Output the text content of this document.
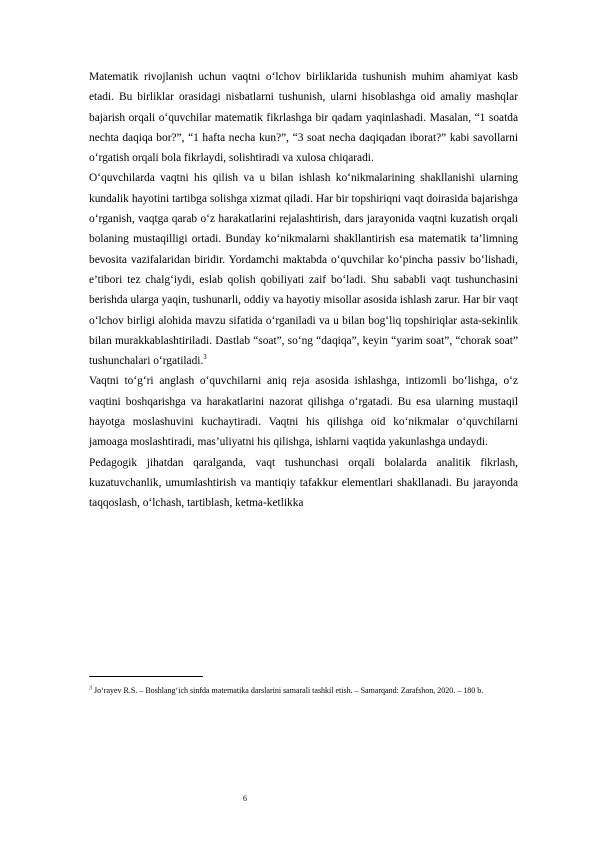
Matematik rivojlanish uchun vaqtni o‘lchov birliklarida tushunish muhim ahamiyat kasb etadi. Bu birliklar orasidagi nisbatlarni tushunish, ularni hisoblashga oid amaliy mashqlar bajarish orqali o‘quvchilar matematik fikrlashga bir qadam yaqinlashadi. Masalan, “1 soatda nechta daqiqa bor?”, “1 hafta necha kun?”, “3 soat necha daqiqadan iborat?” kabi savollarni o‘rgatish orqali bola fikrlaydi, solishtiradi va xulosa chiqaradi.

O‘quvchilarda vaqtni his qilish va u bilan ishlash ko‘nikmalarining shakllanishi ularning kundalik hayotini tartibga solishga xizmat qiladi. Har bir topshiriqni vaqt doirasida bajarishga o‘rganish, vaqtga qarab o‘z harakatlarini rejalashtirish, dars jarayonida vaqtni kuzatish orqali bolaning mustaqilligi ortadi. Bunday ko‘nikmalarni shakllantirish esa matematik ta’limning bevosita vazifalaridan biridir. Yordamchi maktabda o‘quvchilar ko‘pincha passiv bo‘lishadi, e’tibori tez chalg‘iydi, eslab qolish qobiliyati zaif bo‘ladi. Shu sababli vaqt tushunchasini berishda ularga yaqin, tushunarli, oddiy va hayotiy misollar asosida ishlash zarur. Har bir vaqt o‘lchov birligi alohida mavzu sifatida o‘rganiladi va u bilan bog‘liq topshiriqlar asta-sekinlik bilan murakkablashtiriladi. Dastlab “soat”, so‘ng “daqiqa”, keyin “yarim soat”, “chorak soat” tushunchalari o‘rgatiladi.$^3$

Vaqtni to‘g‘ri anglash o‘quvchilarni aniq reja asosida ishlashga, intizomli bo‘lishga, o‘z vaqtini boshqarishga va harakatlarini nazorat qilishga o‘rgatadi. Bu esa ularning mustaqil hayotga moslashuvini kuchaytiradi. Vaqtni his qilishga oid ko‘nikmalar o‘quvchilarni jamoaga moslashtiradi, mas’uliyatni his qilishga, ishlarni vaqtida yakunlashga undaydi.

Pedagogik jihatdan qaralganda, vaqt tushunchasi orqali bolalarda analitik fikrlash, kuzatuvchanlik, umumlashtirish va mantiqiy tafakkur elementlari shakllanadi. Bu jarayonda taqqoslash, o‘lchash, tartiblash, ketma-ketlikka

$^3$ Jo‘rayev R.S. – Boshlang‘ich sinfda matematika darslarini samarali tashkil etish. – Samarqand: Zarafshon, 2020. – 180 b.

6
